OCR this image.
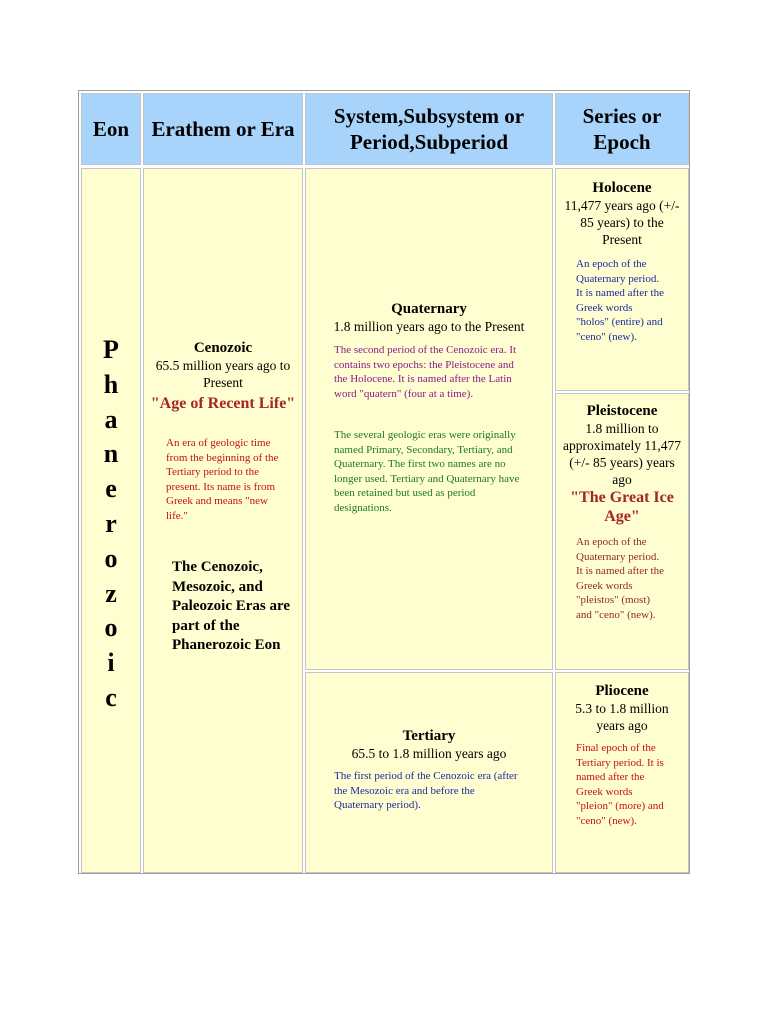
Eon Erathem or Era
System,Subsystem or Period,Subperiod
Series or Epoch
P
h
a
n
e
r
o
z
o
i
c
Cenozoic
65.5 million years ago to Present
"Age of Recent Life"
An era of geologic time from the beginning of the Tertiary period to the present. Its name is from Greek and means "new life."
The Cenozoic, Mesozoic, and Paleozoic Eras are part of the Phanerozoic Eon
Quaternary
1.8 million years ago to the Present
The second period of the Cenozoic era. It contains two epochs: the Pleistocene and the Holocene. It is named after the Latin word "quatern" (four at a time).
The several geologic eras were originally named Primary, Secondary, Tertiary, and Quaternary. The first two names are no longer used. Tertiary and Quaternary have been retained but used as period designations.
Tertiary
65.5 to 1.8 million years ago
The first period of the Cenozoic era (after the Mesozoic era and before the Quaternary period).
Holocene
11,477 years ago (+/- 85 years) to the Present
An epoch of the Quaternary period. It is named after the Greek words "holos" (entire) and "ceno" (new).
Pleistocene
1.8 million to approximately 11,477 (+/- 85 years) years ago
"The Great Ice Age"
An epoch of the Quaternary period. It is named after the Greek words "pleistos" (most) and "ceno" (new).
Pliocene
5.3 to 1.8 million years ago
Final epoch of the Tertiary period. It is named after the Greek words "pleion" (more) and "ceno" (new).
